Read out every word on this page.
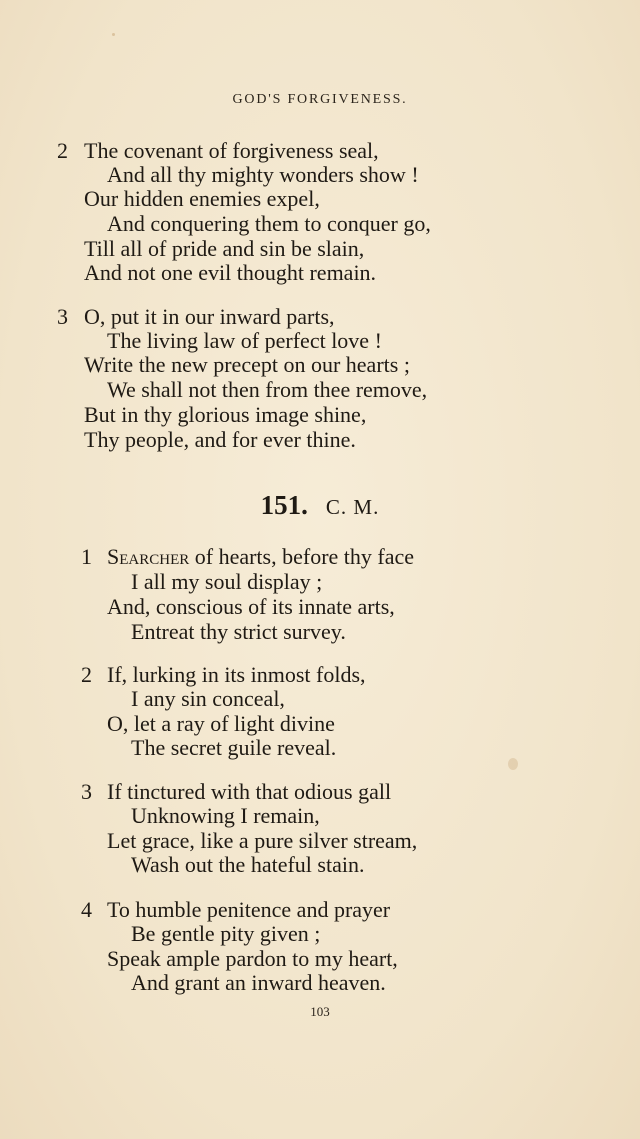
GOD'S FORGIVENESS.
2 The covenant of forgiveness seal,
And all thy mighty wonders show !
Our hidden enemies expel,
And conquering them to conquer go,
Till all of pride and sin be slain,
And not one evil thought remain.
3 O, put it in our inward parts,
The living law of perfect love !
Write the new precept on our hearts ;
We shall not then from thee remove,
But in thy glorious image shine,
Thy people, and for ever thine.
151. C. M.
1 Searcher of hearts, before thy face
I all my soul display ;
And, conscious of its innate arts,
Entreat thy strict survey.
2 If, lurking in its inmost folds,
I any sin conceal,
O, let a ray of light divine
The secret guile reveal.
3 If tinctured with that odious gall
Unknowing I remain,
Let grace, like a pure silver stream,
Wash out the hateful stain.
4 To humble penitence and prayer
Be gentle pity given ;
Speak ample pardon to my heart,
And grant an inward heaven.
103
